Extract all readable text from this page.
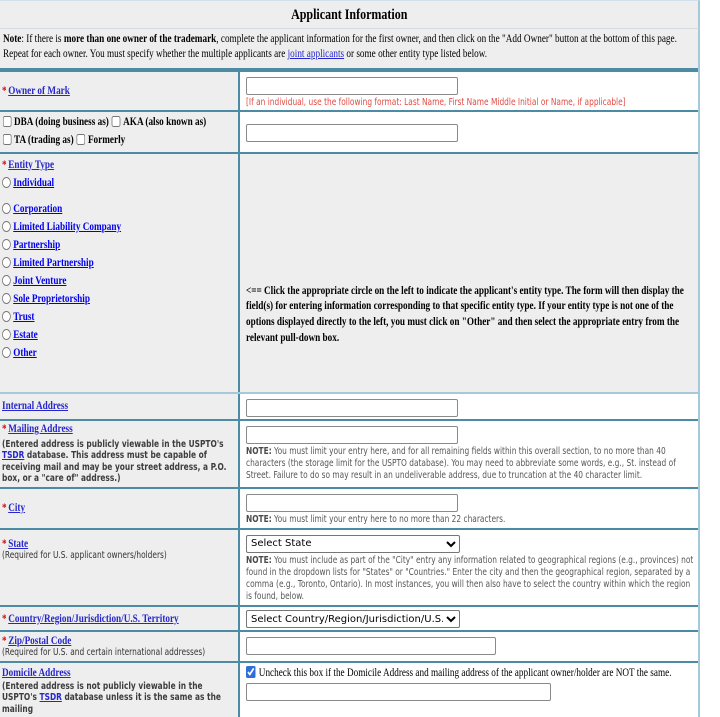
Applicant Information
Note: If there is more than one owner of the trademark, complete the applicant information for the first owner, and then click on the "Add Owner" button at the bottom of this page. Repeat for each owner. You must specify whether the multiple applicants are joint applicants or some other entity type listed below.
* Owner of Mark
[If an individual, use the following format: Last Name, First Name Middle Initial or Name, if applicable]
DBA (doing business as) AKA (also known as)
TA (trading as) Formerly
* Entity Type
Individual
Corporation
Limited Liability Company
Partnership
Limited Partnership
Joint Venture
Sole Proprietorship
Trust
Estate
Other
<== Click the appropriate circle on the left to indicate the applicant's entity type. The form will then display the field(s) for entering information corresponding to that specific entity type. If your entity type is not one of the options displayed directly to the left, you must click on "Other" and then select the appropriate entry from the relevant pull-down box.
Internal Address
* Mailing Address
(Entered address is publicly viewable in the USPTO's TSDR database. This address must be capable of receiving mail and may be your street address, a P.O. box, or a "care of" address.)
NOTE: You must limit your entry here, and for all remaining fields within this overall section, to no more than 40 characters (the storage limit for the USPTO database). You may need to abbreviate some words, e.g., St. instead of Street. Failure to do so may result in an undeliverable address, due to truncation at the 40 character limit.
* City
NOTE: You must limit your entry here to no more than 22 characters.
* State
(Required for U.S. applicant owners/holders)
Select State	NOTE: You must include as part of the "City" entry any information related to geographical regions (e.g., provinces) not found in the dropdown lists for "States" or "Countries." Enter the city and then the geographical region, separated by a comma (e.g., Toronto, Ontario). In most instances, you will then also have to select the country within which the region is found, below.
* Country/Region/Jurisdiction/U.S. Territory
Select Country/Region/Jurisdiction/U.S. Territory
* Zip/Postal Code
(Required for U.S. and certain international addresses)
Domicile Address
(Entered address is not publicly viewable in the USPTO's TSDR database unless it is the same as the mailing
Uncheck this box if the Domicile Address and mailing address of the applicant owner/holder are NOT the same.
